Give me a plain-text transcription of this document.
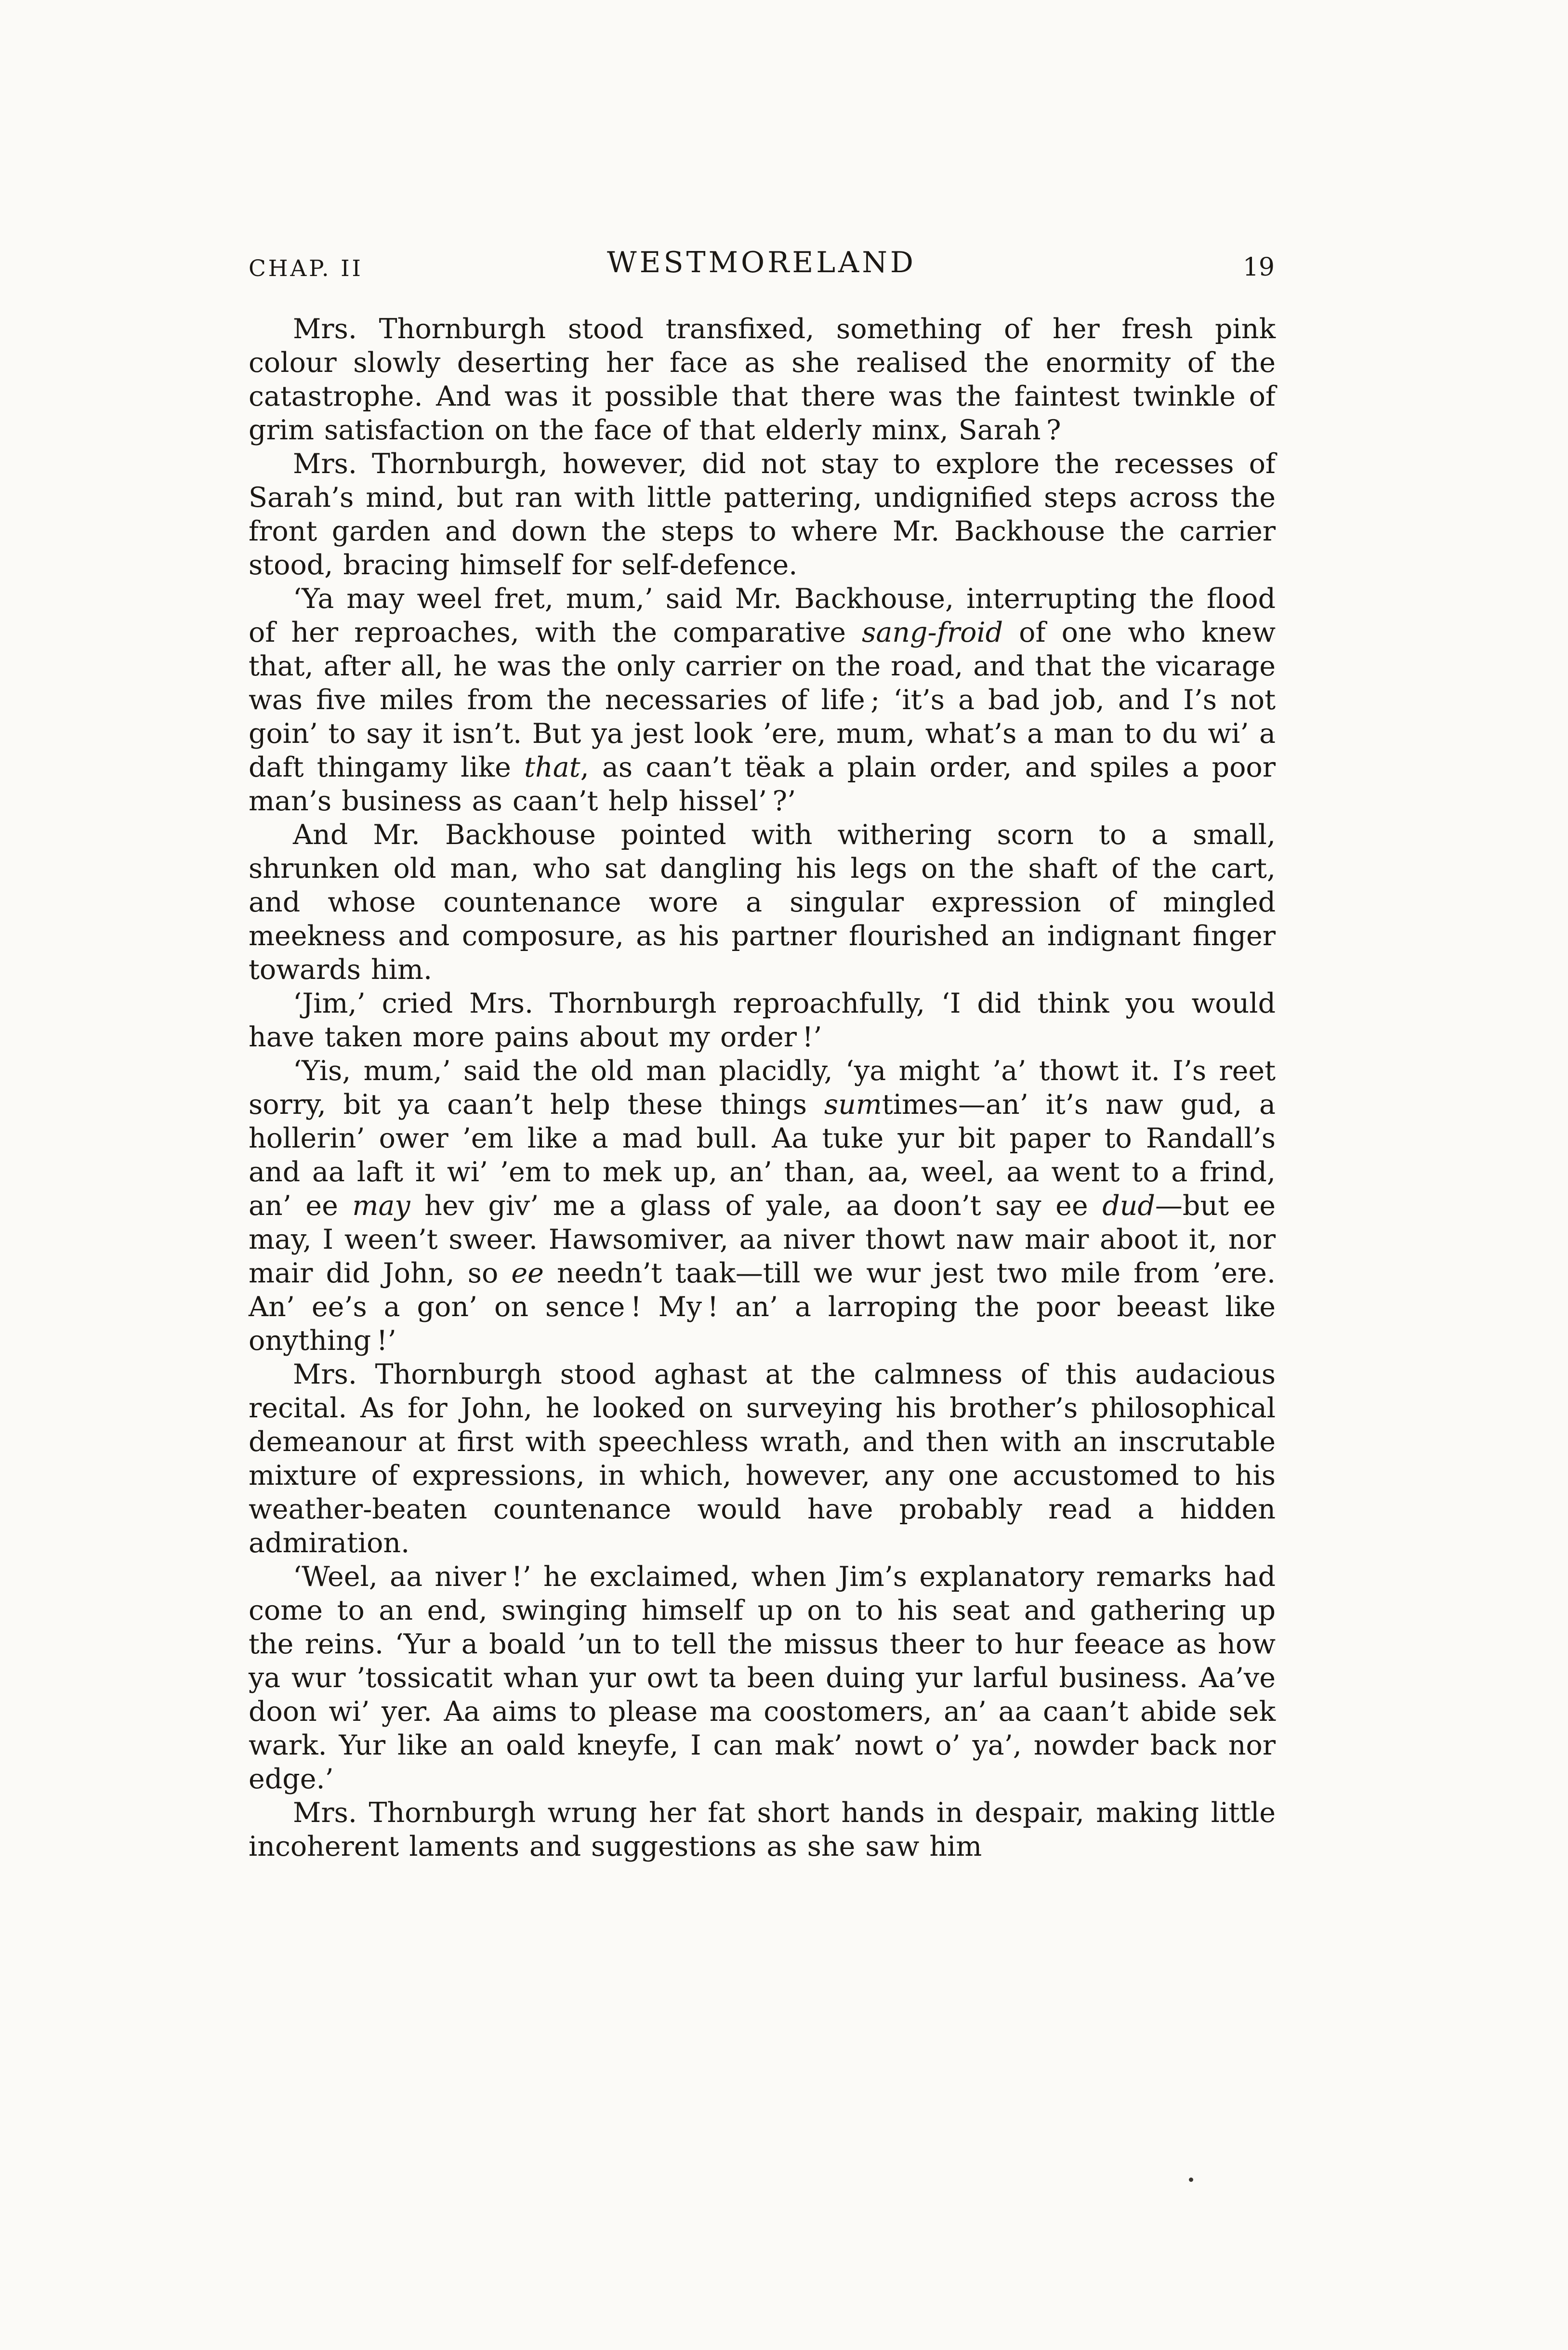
CHAP. II	WESTMORELAND	19

Mrs. Thornburgh stood transfixed, something of her fresh pink colour slowly deserting her face as she realised the enormity of the catastrophe. And was it possible that there was the faintest twinkle of grim satisfaction on the face of that elderly minx, Sarah ?

Mrs. Thornburgh, however, did not stay to explore the recesses of Sarah’s mind, but ran with little pattering, undignified steps across the front garden and down the steps to where Mr. Backhouse the carrier stood, bracing himself for self-defence.

‘Ya may weel fret, mum,’ said Mr. Backhouse, interrupting the flood of her reproaches, with the comparative sang-froid of one who knew that, after all, he was the only carrier on the road, and that the vicarage was five miles from the necessaries of life ; ‘it’s a bad job, and I’s not goin’ to say it isn’t. But ya jest look ’ere, mum, what’s a man to du wi’ a daft thingamy like that, as caan’t tëak a plain order, and spiles a poor man’s business as caan’t help hissel’ ?’

And Mr. Backhouse pointed with withering scorn to a small, shrunken old man, who sat dangling his legs on the shaft of the cart, and whose countenance wore a singular expression of mingled meekness and composure, as his partner flourished an indignant finger towards him.

‘Jim,’ cried Mrs. Thornburgh reproachfully, ‘I did think you would have taken more pains about my order !’

‘Yis, mum,’ said the old man placidly, ‘ya might ’a’ thowt it. I’s reet sorry, bit ya caan’t help these things sumtimes—an’ it’s naw gud, a hollerin’ ower ’em like a mad bull. Aa tuke yur bit paper to Randall’s and aa laft it wi’ ’em to mek up, an’ than, aa, weel, aa went to a frind, an’ ee may hev giv’ me a glass of yale, aa doon’t say ee dud—but ee may, I ween’t sweer. Hawsomiver, aa niver thowt naw mair aboot it, nor mair did John, so ee needn’t taak—till we wur jest two mile from ’ere. An’ ee’s a gon’ on sence ! My ! an’ a larroping the poor beeast like onything !’

Mrs. Thornburgh stood aghast at the calmness of this audacious recital. As for John, he looked on surveying his brother’s philosophical demeanour at first with speechless wrath, and then with an inscrutable mixture of expressions, in which, however, any one accustomed to his weather-beaten countenance would have probably read a hidden admiration.

‘Weel, aa niver !’ he exclaimed, when Jim’s explanatory remarks had come to an end, swinging himself up on to his seat and gathering up the reins. ‘Yur a boald ’un to tell the missus theer to hur feeace as how ya wur ’tossicatit whan yur owt ta been duing yur larful business. Aa’ve doon wi’ yer. Aa aims to please ma coostomers, an’ aa caan’t abide sek wark. Yur like an oald kneyfe, I can mak’ nowt o’ ya’, nowder back nor edge.’

Mrs. Thornburgh wrung her fat short hands in despair, making little incoherent laments and suggestions as she saw him
